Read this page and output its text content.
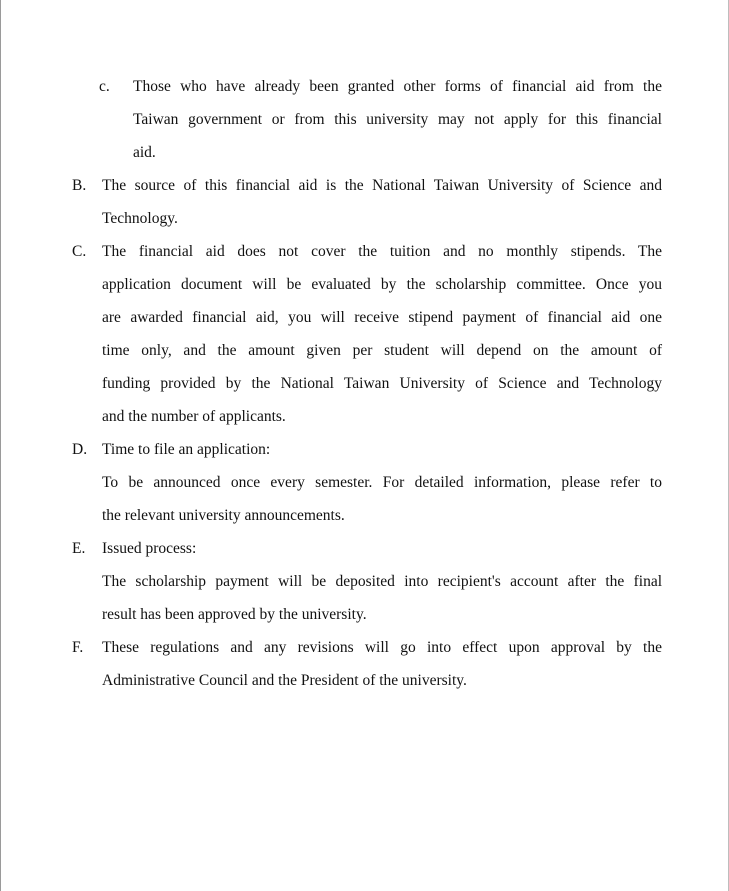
c. Those who have already been granted other forms of financial aid from the
Taiwan government or from this university may not apply for this financial
aid.
B. The source of this financial aid is the National Taiwan University of Science and
Technology.
C. The financial aid does not cover the tuition and no monthly stipends. The
application document will be evaluated by the scholarship committee. Once you
are awarded financial aid, you will receive stipend payment of financial aid one
time only, and the amount given per student will depend on the amount of
funding provided by the National Taiwan University of Science and Technology
and the number of applicants.
D. Time to file an application:
To be announced once every semester. For detailed information, please refer to
the relevant university announcements.
E. Issued process:
The scholarship payment will be deposited into recipient's account after the final
result has been approved by the university.
F. These regulations and any revisions will go into effect upon approval by the
Administrative Council and the President of the university.
